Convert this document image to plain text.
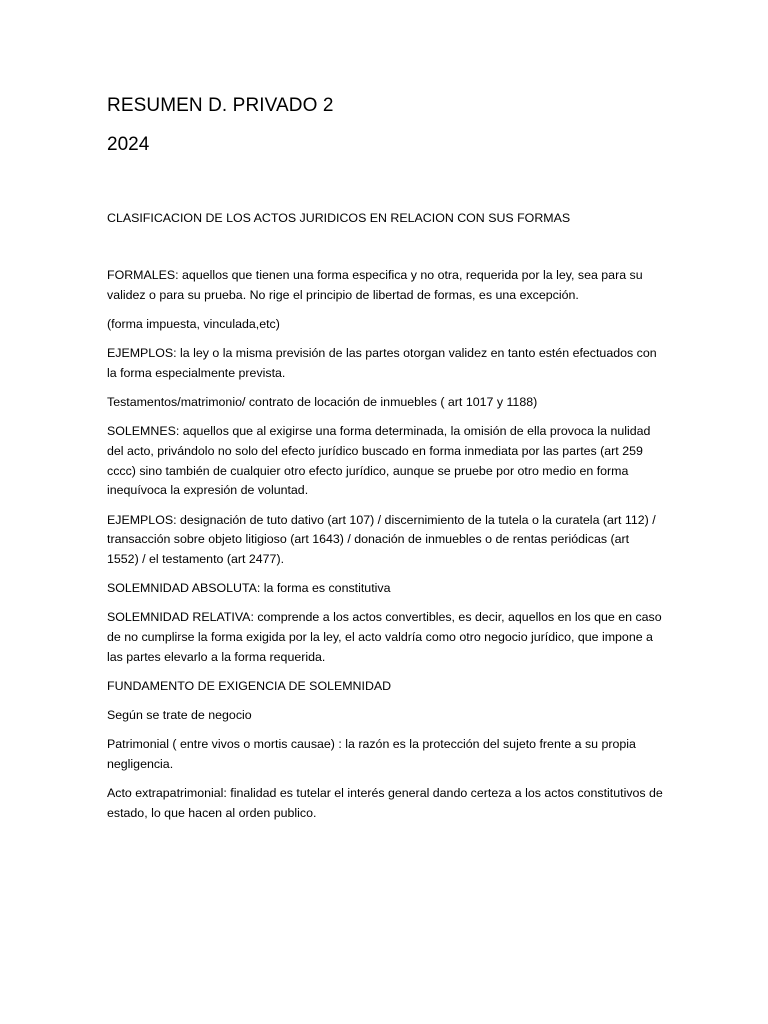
RESUMEN D. PRIVADO 2
2024
CLASIFICACION DE LOS ACTOS JURIDICOS EN RELACION CON SUS FORMAS

FORMALES: aquellos que tienen una forma especifica y no otra, requerida por la ley, sea para su validez o para su prueba. No rige el principio de libertad de formas, es una excepción.

(forma impuesta, vinculada,etc)

EJEMPLOS: la ley o la misma previsión de las partes otorgan validez en tanto estén efectuados con la forma especialmente prevista.

Testamentos/matrimonio/ contrato de locación de inmuebles ( art 1017 y 1188)

SOLEMNES: aquellos que al exigirse una forma determinada, la omisión de ella provoca la nulidad del acto, privándolo no solo del efecto jurídico buscado en forma inmediata por las partes (art 259 cccc) sino también de cualquier otro efecto jurídico, aunque se pruebe por otro medio en forma inequívoca la expresión de voluntad.

EJEMPLOS: designación de tuto dativo (art 107) / discernimiento de la tutela o la curatela (art 112) / transacción sobre objeto litigioso (art 1643) / donación de inmuebles o de rentas periódicas (art 1552) / el testamento (art 2477).

SOLEMNIDAD ABSOLUTA: la forma es constitutiva

SOLEMNIDAD RELATIVA: comprende a los actos convertibles, es decir, aquellos en los que en caso de no cumplirse la forma exigida por la ley, el acto valdría como otro negocio jurídico, que impone a las partes elevarlo a la forma requerida.

FUNDAMENTO DE EXIGENCIA DE SOLEMNIDAD

Según se trate de negocio

Patrimonial ( entre vivos o mortis causae) : la razón es la protección del sujeto frente a su propia negligencia.

Acto extrapatrimonial: finalidad es tutelar el interés general dando certeza a los actos constitutivos de estado, lo que hacen al orden publico.
